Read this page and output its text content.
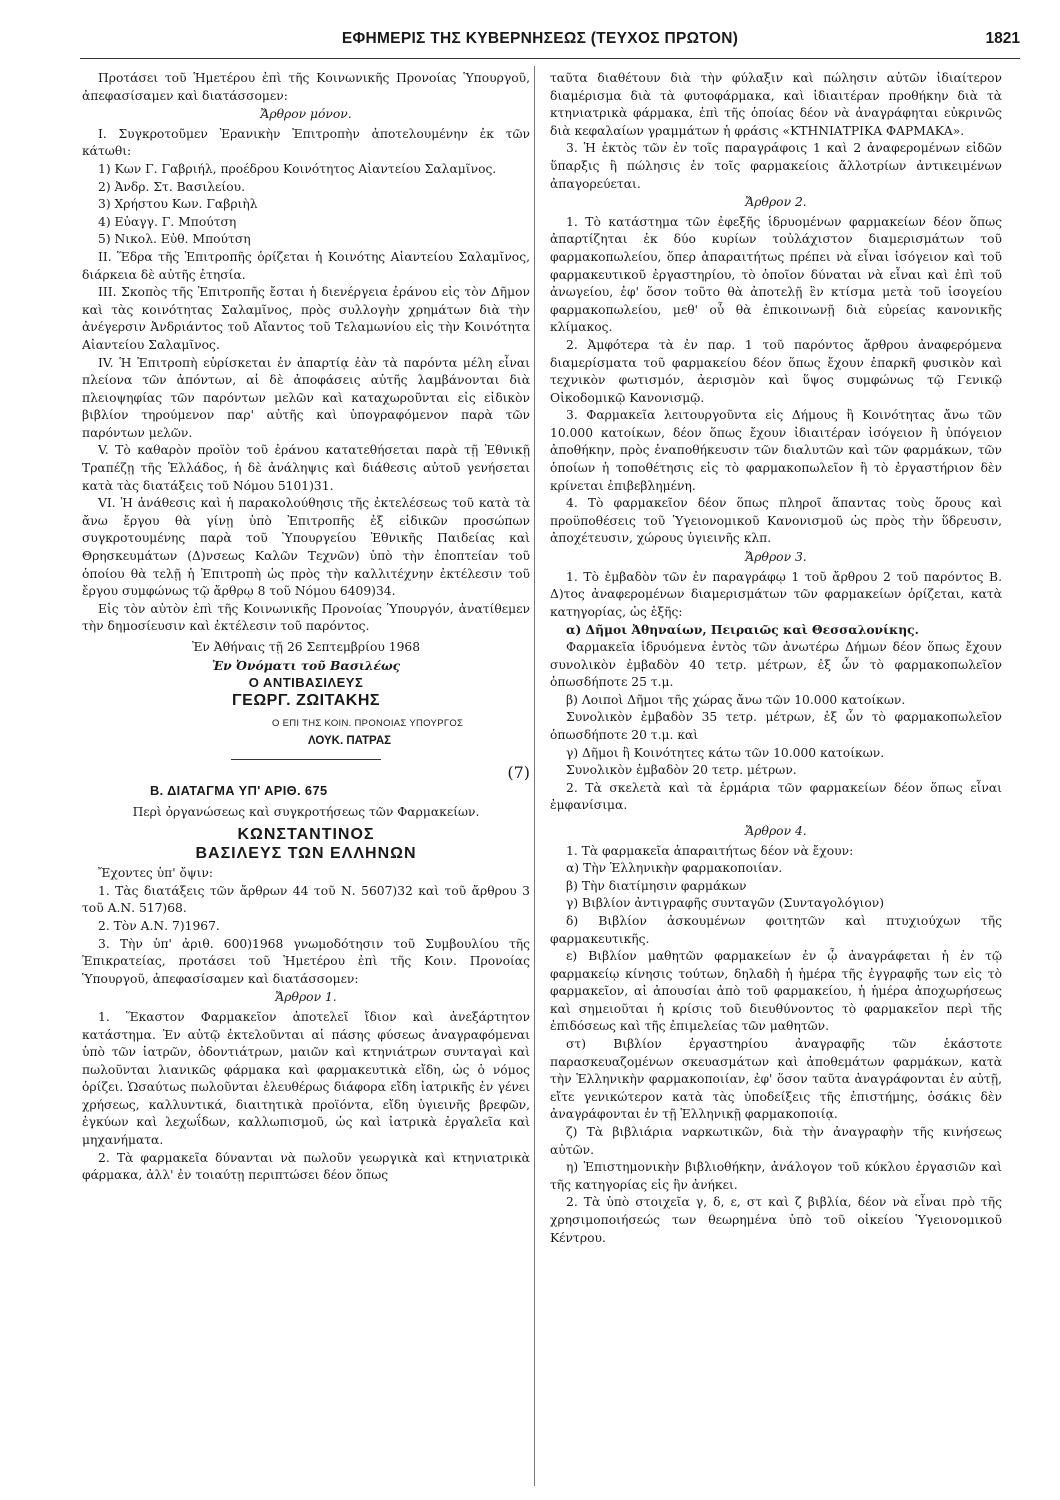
ΕΦΗΜΕΡΙΣ ΤΗΣ ΚΥΒΕΡΝΗΣΕΩΣ (ΤΕΥΧΟΣ ΠΡΩΤΟΝ)	1821

Προτάσει τοῦ Ἡμετέρου ἐπὶ τῆς Κοινωνικῆς Προνοίας Ὑπουργοῦ, ἀπεφασίσαμεν καὶ διατάσσομεν:

Ἄρθρον μόνον.

Ι. Συγκροτοῦμεν Ἐρανικὴν Ἐπιτροπὴν ἀποτελουμένην ἐκ τῶν κάτωθι:

1) Κων Γ. Γαβριήλ, προέδρου Κοινότητος Αἰαντείου Σαλαμῖνος.

2) Ἀνδρ. Στ. Βασιλείου.

3) Χρήστου Κων. Γαβριὴλ

4) Εὐαγγ. Γ. Μπούτση

5) Νικολ. Εὐθ. Μπούτση

ΙΙ. Ἕδρα τῆς Ἐπιτροπῆς ὁρίζεται ἡ Κοινότης Αἰαντείου Σαλαμῖνος, διάρκεια δὲ αὐτῆς ἐτησία.

ΙΙΙ. Σκοπὸς τῆς Ἐπιτροπῆς ἔσται ἡ διενέργεια ἐράνου εἰς τὸν Δῆμον καὶ τὰς κοινότητας Σαλαμῖνος, πρὸς συλλογὴν χρημάτων διὰ τὴν ἀνέγερσιν Ἀνδριάντος τοῦ Αἴαντος τοῦ Τελαμωνίου εἰς τὴν Κοινότητα Αἰαντείου Σαλαμῖνος.

IV. Ἡ Ἐπιτροπὴ εὑρίσκεται ἐν ἀπαρτίᾳ ἐὰν τὰ παρόντα μέλη εἶναι πλείονα τῶν ἀπόντων, αἱ δὲ ἀποφάσεις αὐτῆς λαμβάνονται διὰ πλειοψηφίας τῶν παρόντων μελῶν καὶ καταχωροῦνται εἰς εἰδικὸν βιβλίον τηρούμενον παρ' αὐτῆς καὶ ὑπογραφόμενον παρὰ τῶν παρόντων μελῶν.

V. Τὸ καθαρὸν προϊὸν τοῦ ἐράνου κατατεθήσεται παρὰ τῇ Ἐθνικῇ Τραπέζῃ τῆς Ἑλλάδος, ἡ δὲ ἀνάληψις καὶ διάθεσις αὐτοῦ γενήσεται κατὰ τὰς διατάξεις τοῦ Νόμου 5101)31.

VI. Ἡ ἀνάθεσις καὶ ἡ παρακολούθησις τῆς ἐκτελέσεως τοῦ κατὰ τὰ ἄνω ἔργου θὰ γίνῃ ὑπὸ Ἐπιτροπῆς ἐξ εἰδικῶν προσώπων συγκροτουμένης παρὰ τοῦ Ὑπουργείου Ἐθνικῆς Παιδείας καὶ Θρησκευμάτων (Δ)νσεως Καλῶν Τεχνῶν) ὑπὸ τὴν ἐποπτείαν τοῦ ὁποίου θὰ τελῇ ἡ Ἐπιτροπὴ ὡς πρὸς τὴν καλλιτέχνην ἐκτέλεσιν τοῦ ἔργου συμφώνως τῷ ἄρθρῳ 8 τοῦ Νόμου 6409)34.

Εἰς τὸν αὐτὸν ἐπὶ τῆς Κοινωνικῆς Προνοίας Ὑπουργόν, ἀνατίθεμεν τὴν δημοσίευσιν καὶ ἐκτέλεσιν τοῦ παρόντος.

Ἐν Ἀθήναις τῇ 26 Σεπτεμβρίου 1968

Ἐν Ὀνόματι τοῦ Βασιλέως

Ο ΑΝΤΙΒΑΣΙΛΕΥΣ

ΓΕΩΡΓ. ΖΩΙΤΑΚΗΣ

Ο ΕΠΙ ΤΗΣ ΚΟΙΝ. ΠΡΟΝΟΙΑΣ ΥΠΟΥΡΓΟΣ

ΛΟΥΚ. ΠΑΤΡΑΣ

(7)
Β. ΔΙΑΤΑΓΜΑ ΥΠ' ΑΡΙΘ. 675

Περὶ ὀργανώσεως καὶ συγκροτήσεως τῶν Φαρμακείων.

ΚΩΝΣΤΑΝΤΙΝΟΣ

ΒΑΣΙΛΕΥΣ ΤΩΝ ΕΛΛΗΝΩΝ

Ἔχοντες ὑπ' ὄψιν:

1. Τὰς διατάξεις τῶν ἄρθρων 44 τοῦ Ν. 5607)32 καὶ τοῦ ἄρθρου 3 τοῦ Α.Ν. 517)68.

2. Τὸν Α.Ν. 7)1967.

3. Τὴν ὑπ' ἀριθ. 600)1968 γνωμοδότησιν τοῦ Συμβουλίου τῆς Ἐπικρατείας, προτάσει τοῦ Ἡμετέρου ἐπὶ τῆς Κοιν. Προνοίας Ὑπουργοῦ, ἀπεφασίσαμεν καὶ διατάσσομεν:

Ἄρθρον 1.

1. Ἕκαστον Φαρμακεῖον ἀποτελεῖ ἴδιον καὶ ἀνεξάρτητον κατάστημα. Ἐν αὐτῷ ἐκτελοῦνται αἱ πάσης φύσεως ἀναγραφόμεναι ὑπὸ τῶν ἰατρῶν, ὀδοντιάτρων, μαιῶν καὶ κτηνιάτρων συνταγαὶ καὶ πωλοῦνται λιανικῶς φάρμακα καὶ φαρμακευτικὰ εἴδη, ὡς ὁ νόμος ὁρίζει. Ὡσαύτως πωλοῦνται ἐλευθέρως διάφορα εἴδη ἰατρικῆς ἐν γένει χρήσεως, καλλυντικά, διαιτητικὰ προϊόντα, εἴδη ὑγιεινῆς βρεφῶν, ἐγκύων καὶ λεχωΐδων, καλλωπισμοῦ, ὡς καὶ ἰατρικὰ ἐργαλεῖα καὶ μηχανήματα.

2. Τὰ φαρμακεῖα δύνανται νὰ πωλοῦν γεωργικὰ καὶ κτηνιατρικὰ φάρμακα, ἀλλ' ἐν τοιαύτῃ περιπτώσει δέον ὅπως

ταῦτα διαθέτουν διὰ τὴν φύλαξιν καὶ πώλησιν αὐτῶν ἰδιαίτερον διαμέρισμα διὰ τὰ φυτοφάρμακα, καὶ ἰδιαιτέραν προθήκην διὰ τὰ κτηνιατρικὰ φάρμακα, ἐπὶ τῆς ὁποίας δέον νὰ ἀναγράφηται εὐκρινῶς διὰ κεφαλαίων γραμμάτων ἡ φράσις «ΚΤΗΝΙΑΤΡΙΚΑ ΦΑΡΜΑΚΑ».

3. Ἡ ἐκτὸς τῶν ἐν τοῖς παραγράφοις 1 καὶ 2 ἀναφερομένων εἰδῶν ὕπαρξις ἢ πώλησις ἐν τοῖς φαρμακείοις ἄλλοτρίων ἀντικειμένων ἀπαγορεύεται.

Ἄρθρον 2.

1. Τὸ κατάστημα τῶν ἐφεξῆς ἱδρυομένων φαρμακείων δέον ὅπως ἀπαρτίζηται ἐκ δύο κυρίων τοὐλάχιστον διαμερισμάτων τοῦ φαρμακοπωλείου, ὅπερ ἀπαραιτήτως πρέπει νὰ εἶναι ἰσόγειον καὶ τοῦ φαρμακευτικοῦ ἐργαστηρίου, τὸ ὁποῖον δύναται νὰ εἶναι καὶ ἐπὶ τοῦ ἀνωγείου, ἐφ' ὅσον τοῦτο θὰ ἀποτελῇ ἓν κτίσμα μετὰ τοῦ ἰσογείου φαρμακοπωλείου, μεθ' οὗ θὰ ἐπικοινωνῇ διὰ εὐρείας κανονικῆς κλίμακος.

2. Ἀμφότερα τὰ ἐν παρ. 1 τοῦ παρόντος ἄρθρου ἀναφερόμενα διαμερίσματα τοῦ φαρμακείου δέον ὅπως ἔχουν ἐπαρκῆ φυσικὸν καὶ τεχνικὸν φωτισμόν, ἀερισμὸν καὶ ὕψος συμφώνως τῷ Γενικῷ Οἰκοδομικῷ Κανονισμῷ.

3. Φαρμακεῖα λειτουργοῦντα εἰς Δήμους ἢ Κοινότητας ἄνω τῶν 10.000 κατοίκων, δέον ὅπως ἔχουν ἰδιαιτέραν ἰσόγειον ἢ ὑπόγειον ἀποθήκην, πρὸς ἐναποθήκευσιν τῶν διαλυτῶν καὶ τῶν φαρμάκων, τῶν ὁποίων ἡ τοποθέτησις εἰς τὸ φαρμακοπωλεῖον ἢ τὸ ἐργαστήριον δὲν κρίνεται ἐπιβεβλημένη.

4. Τὸ φαρμακεῖον δέον ὅπως πληροῖ ἅπαντας τοὺς ὅρους καὶ προϋποθέσεις τοῦ Ὑγειονομικοῦ Κανονισμοῦ ὡς πρὸς τὴν ὕδρευσιν, ἀποχέτευσιν, χώρους ὑγιεινῆς κλπ.

Ἄρθρον 3.

1. Τὸ ἐμβαδὸν τῶν ἐν παραγράφῳ 1 τοῦ ἄρθρου 2 τοῦ παρόντος Β. Δ)τος ἀναφερομένων διαμερισμάτων τῶν φαρμακείων ὁρίζεται, κατὰ κατηγορίας, ὡς ἑξῆς:

α) Δῆμοι Ἀθηναίων, Πειραιῶς καὶ Θεσσαλονίκης.

Φαρμακεῖα ἱδρυόμενα ἐντὸς τῶν ἀνωτέρω Δήμων δέον ὅπως ἔχουν συνολικὸν ἐμβαδὸν 40 τετρ. μέτρων, ἐξ ὧν τὸ φαρμακοπωλεῖον ὁπωσδήποτε 25 τ.μ.

β) Λοιποὶ Δῆμοι τῆς χώρας ἄνω τῶν 10.000 κατοίκων.

Συνολικὸν ἐμβαδὸν 35 τετρ. μέτρων, ἐξ ὧν τὸ φαρμακοπωλεῖον ὁπωσδήποτε 20 τ.μ. καὶ

γ) Δῆμοι ἢ Κοινότητες κάτω τῶν 10.000 κατοίκων.

Συνολικὸν ἐμβαδὸν 20 τετρ. μέτρων.

2. Τὰ σκελετὰ καὶ τὰ ἑρμάρια τῶν φαρμακείων δέον ὅπως εἶναι ἐμφανίσιμα.

Ἄρθρον 4.

1. Τὰ φαρμακεῖα ἀπαραιτήτως δέον νὰ ἔχουν:

α) Τὴν Ἑλληνικὴν φαρμακοποιίαν.

β) Τὴν διατίμησιν φαρμάκων

γ) Βιβλίον ἀντιγραφῆς συνταγῶν (Συνταγολόγιον)

δ) Βιβλίον ἀσκουμένων φοιτητῶν καὶ πτυχιούχων τῆς φαρμακευτικῆς.

ε) Βιβλίον μαθητῶν φαρμακείων ἐν ᾧ ἀναγράφεται ἡ ἐν τῷ φαρμακείῳ κίνησις τούτων, δηλαδὴ ἡ ἡμέρα τῆς ἐγγραφῆς των εἰς τὸ φαρμακεῖον, αἱ ἀπουσίαι ἀπὸ τοῦ φαρμακείου, ἡ ἡμέρα ἀποχωρήσεως καὶ σημειοῦται ἡ κρίσις τοῦ διευθύνοντος τὸ φαρμακεῖον περὶ τῆς ἐπιδόσεως καὶ τῆς ἐπιμελείας τῶν μαθητῶν.

στ) Βιβλίον ἐργαστηρίου ἀναγραφῆς τῶν ἑκάστοτε παρασκευαζομένων σκευασμάτων καὶ ἀποθεμάτων φαρμάκων, κατὰ τὴν Ἑλληνικὴν φαρμακοποιίαν, ἐφ' ὅσον ταῦτα ἀναγράφονται ἐν αὐτῇ, εἴτε γενικώτερον κατὰ τὰς ὑποδείξεις τῆς ἐπιστήμης, ὁσάκις δὲν ἀναγράφονται ἐν τῇ Ἑλληνικῇ φαρμακοποιίᾳ.

ζ) Τὰ βιβλιάρια ναρκωτικῶν, διὰ τὴν ἀναγραφὴν τῆς κινήσεως αὐτῶν.

η) Ἐπιστημονικὴν βιβλιοθήκην, ἀνάλογον τοῦ κύκλου ἐργασιῶν καὶ τῆς κατηγορίας εἰς ἣν ἀνήκει.

2. Τὰ ὑπὸ στοιχεῖα γ, δ, ε, στ καὶ ζ βιβλία, δέον νὰ εἶναι πρὸ τῆς χρησιμοποιήσεώς των θεωρημένα ὑπὸ τοῦ οἰκείου Ὑγειονομικοῦ Κέντρου.
